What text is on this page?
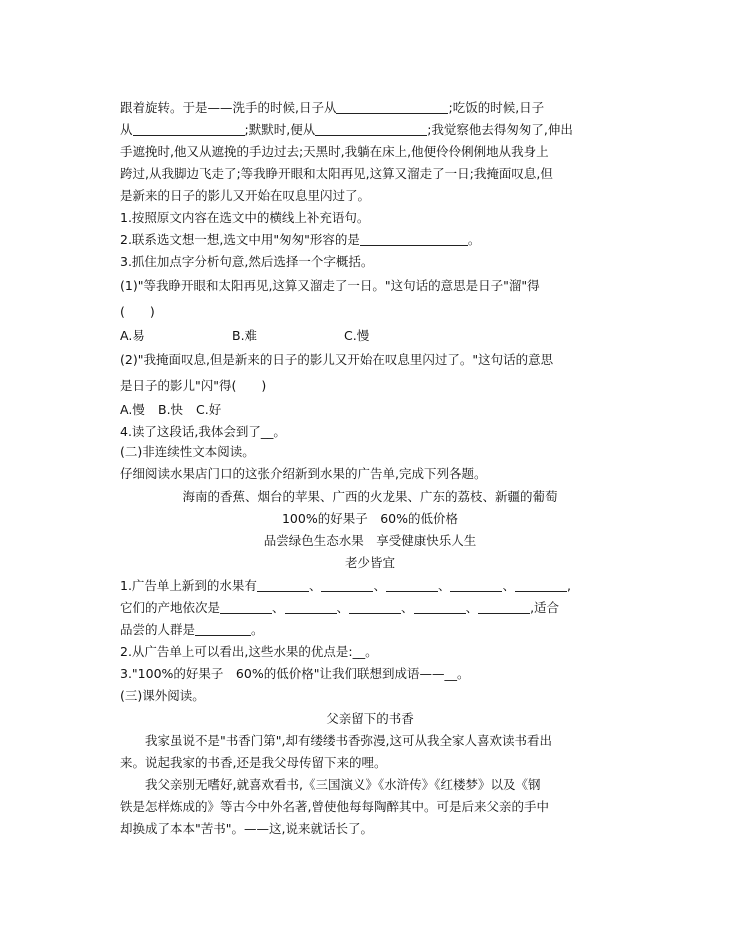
跟着旋转。于是——洗手的时候,日子从	;吃饭的时候,日子
从	;默默时,便从	;我觉察他去得匆匆了,伸出
手遮挽时,他又从遮挽的手边过去;天黑时,我躺在床上,他便伶伶俐俐地从我身上
跨过,从我脚边飞走了;等我睁开眼和太阳再见,这算又溜走了一日;我掩面叹息,但
是新来的日子的影儿又开始在叹息里闪过了。
1.按照原文内容在选文中的横线上补充语句。
2.联系选文想一想,选文中用"匆匆"形容的是	。
3.抓住加点字分析句意,然后选择一个字概括。
(1)"等我睁开眼和太阳再见,这算又溜走了一日。"这句话的意思是日子"溜"得
(　　)
A.易	B.难	C.慢
(2)"我掩面叹息,但是新来的日子的影儿又开始在叹息里闪过了。"这句话的意思
是日子的影儿"闪"得(　　)
A.慢 B.快 C.好
4.读了这段话,我体会到了__。
(二)非连续性文本阅读。
仔细阅读水果店门口的这张介绍新到水果的广告单,完成下列各题。
海南的香蕉、烟台的苹果、广西的火龙果、广东的荔枝、新疆的葡萄
100%的好果子　60%的低价格
品尝绿色生态水果　享受健康快乐人生
老少皆宜
1.广告单上新到的水果有	、	、	、	、	,
它们的产地依次是	、	、	、	、	,适合
品尝的人群是	。
2.从广告单上可以看出,这些水果的优点是:__。
3."100%的好果子　60%的低价格"让我们联想到成语——__。
(三)课外阅读。
父亲留下的书香
我家虽说不是"书香门第",却有缕缕书香弥漫,这可从我全家人喜欢读书看出
来。说起我家的书香,还是我父母传留下来的哩。
我父亲别无嗜好,就喜欢看书,《三国演义》《水浒传》《红楼梦》以及《钢
铁是怎样炼成的》等古今中外名著,曾使他每每陶醉其中。可是后来父亲的手中
却换成了本本"苦书"。——这,说来就话长了。
